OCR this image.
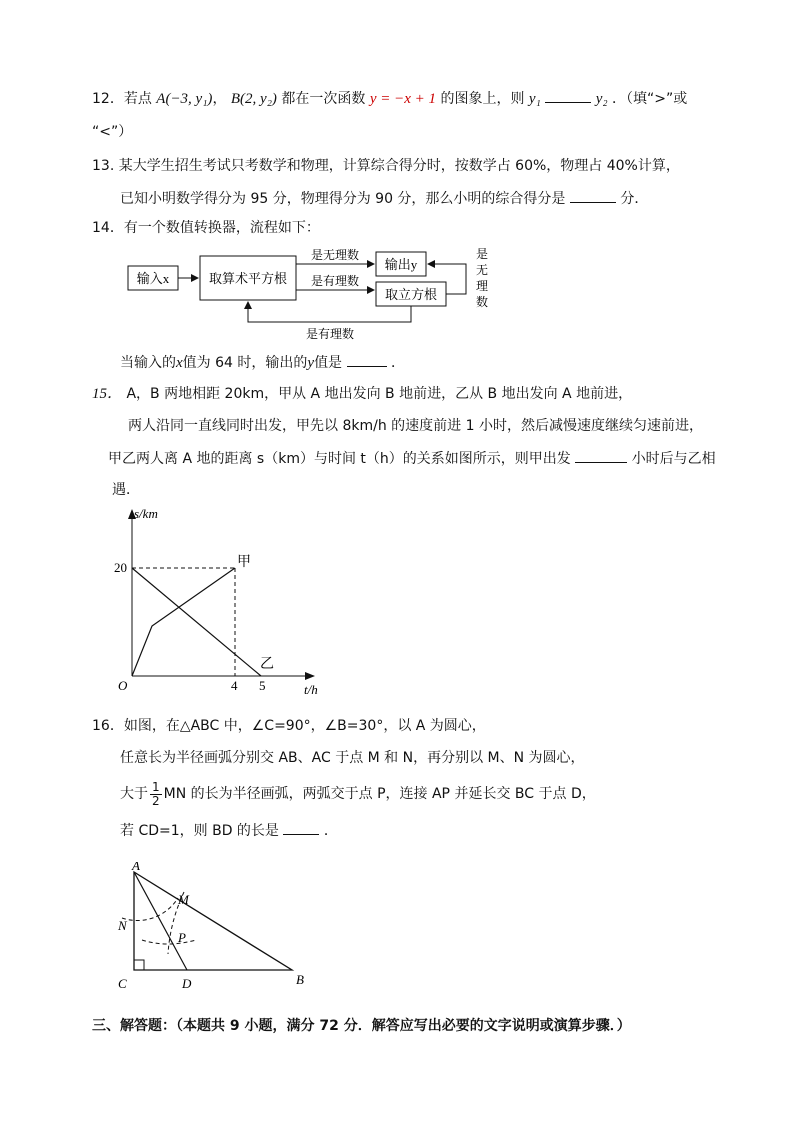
12．若点 A(−3, y₁)， B(2, y₂) 都在一次函数 y = −x + 1 的图象上，则 y₁	y₂ ．（填“>”或
“<”）
13. 某大学生招生考试只考数学和物理，计算综合得分时，按数学占 60%，物理占 40%计算，
已知小明数学得分为 95 分，物理得分为 90 分，那么小明的综合得分是	分．
14．有一个数值转换器，流程如下：
输入x	取算术平方根
输出y
取立方根
是无理数
是有理数
是无理数
是有理数
当输入的x值为 64 时，输出的y值是	．
15． A，B 两地相距 20km，甲从 A 地出发向 B 地前进，乙从 B 地出发向 A 地前进，
两人沿同一直线同时出发，甲先以 8km/h 的速度前进 1 小时，然后减慢速度继续匀速前进，
甲乙两人离 A 地的距离 s（km）与时间 t（h）的关系如图所示，则甲出发	小时后与乙相
遇．
s/km
t/h
O
20
4 5
甲
乙
16．如图，在△ABC 中，∠C=90°，∠B=30°，以 A 为圆心，
任意长为半径画弧分别交 AB、AC 于点 M 和 N，再分别以 M、N 为圆心，
大于 $\frac{1}{2}$ MN 的长为半径画弧，两弧交于点 P，连接 AP 并延长交 BC 于点 D，
若 CD=1，则 BD 的长是	．
A
B
C	D
M
N
P
三、解答题：（本题共 9 小题，满分 72 分．解答应写出必要的文字说明或演算步骤．）
